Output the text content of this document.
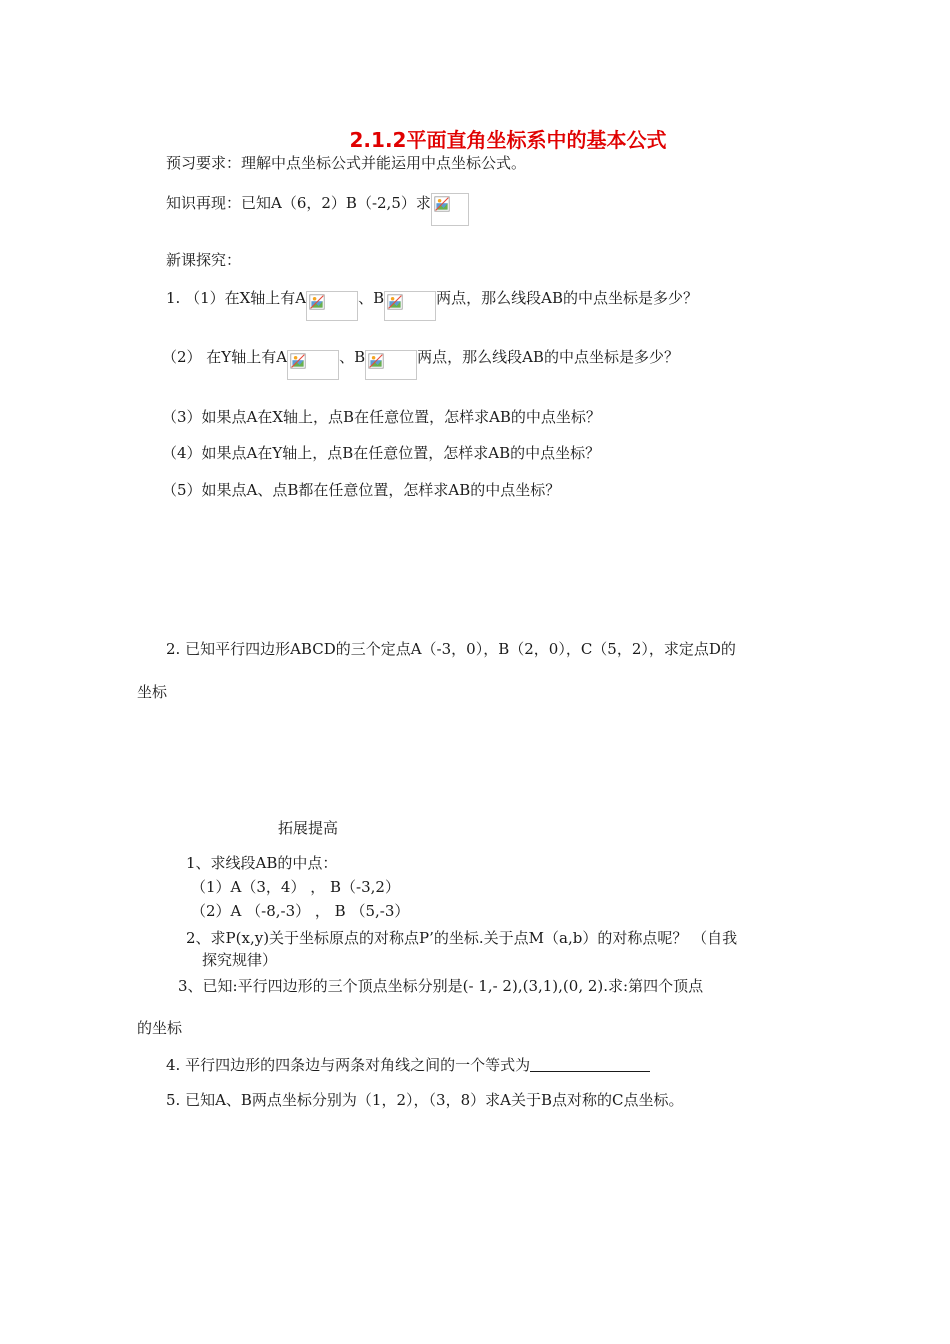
2.1.2平面直角坐标系中的基本公式
预习要求：理解中点坐标公式并能运用中点坐标公式。
知识再现：已知A（6，2）B（-2,5）求
新课探究：
1. （1）在X轴上有A	、B	两点，那么线段AB的中点坐标是多少？
（2） 在Y轴上有A	、B	两点，那么线段AB的中点坐标是多少？
（3）如果点A在X轴上，点B在任意位置，怎样求AB的中点坐标？
（4）如果点A在Y轴上，点B在任意位置，怎样求AB的中点坐标？
（5）如果点A、点B都在任意位置，怎样求AB的中点坐标？
2. 已知平行四边形ABCD的三个定点A（-3，0），B（2，0），C（5，2），求定点D的
坐标
拓展提高
1、求线段AB的中点：
（1）A（3，4） ， B（-3,2）
（2）A （-8,-3） ， B （5,-3）
2、求P(x,y)关于坐标原点的对称点P’的坐标.关于点M（a,b）的对称点呢？ （自我
探究规律）
3、已知:平行四边形的三个顶点坐标分别是(- 1,- 2),(3,1),(0, 2).求:第四个顶点
的坐标
4. 平行四边形的四条边与两条对角线之间的一个等式为
5. 已知A、B两点坐标分别为（1，2），（3，8）求A关于B点对称的C点坐标。
